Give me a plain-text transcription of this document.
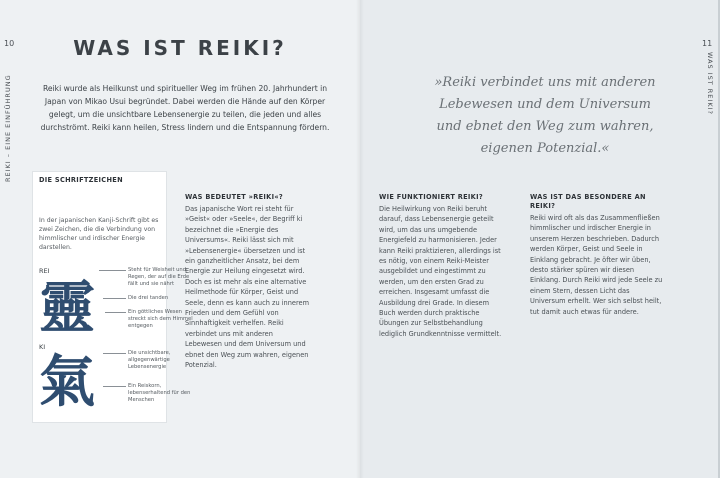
10
REIKI – EINE EINFÜHRUNG
11
WAS IST REIKI?
WAS IST REIKI?
Reiki wurde als Heilkunst und spiritueller Weg im frühen 20. Jahrhundert in Japan von Mikao Usui begründet. Dabei werden die Hände auf den Körper gelegt, um die unsichtbare Lebensenergie zu teilen, die jeden und alles durchströmt. Reiki kann heilen, Stress lindern und die Entspannung fördern.
»Reiki verbindet uns mit anderen Lebewesen und dem Universum und ebnet den Weg zum wahren, eigenen Potenzial.«
DIE SCHRIFTZEICHEN

In der japanischen Kanji-Schrift gibt es zwei Zeichen, die die Verbindung von himmlischer und irdischer Energie darstellen.

REI
靈
KI
氣
Steht für Weisheit und Regen, der auf die Erde fällt und sie nährt
Die drei tanden
Ein göttliches Wesen streckt sich dem Himmel entgegen
Die unsichtbare, allgegenwärtige Lebensenergie
Ein Reiskorn, lebenserhaltend für den Menschen
WAS BEDEUTET »REIKI«?

Das japanische Wort rei steht für »Geist« oder »Seele«, der Begriff ki bezeichnet die »Energie des Universums«. Reiki lässt sich mit »Lebensenergie« übersetzen und ist ein ganzheitlicher Ansatz, bei dem Energie zur Heilung eingesetzt wird. Doch es ist mehr als eine alternative Heilmethode für Körper, Geist und Seele, denn es kann auch zu innerem Frieden und dem Gefühl von Sinnhaftigkeit verhelfen. Reiki verbindet uns mit anderen Lebewesen und dem Universum und ebnet den Weg zum wahren, eigenen Potenzial.

WIE FUNKTIONIERT REIKI?

Die Heilwirkung von Reiki beruht darauf, dass Lebensenergie geteilt wird, um das uns umgebende Energiefeld zu harmonisieren. Jeder kann Reiki praktizieren, allerdings ist es nötig, von einem Reiki-Meister ausgebildet und eingestimmt zu werden, um den ersten Grad zu erreichen. Insgesamt umfasst die Ausbildung drei Grade. In diesem Buch werden durch praktische Übungen zur Selbstbehandlung lediglich Grundkenntnisse vermittelt.

WAS IST DAS BESONDERE AN REIKI?

Reiki wird oft als das Zusammenfließen himmlischer und irdischer Energie in unserem Herzen beschrieben. Dadurch werden Körper, Geist und Seele in Einklang gebracht. Je öfter wir üben, desto stärker spüren wir diesen Einklang. Durch Reiki wird jede Seele zu einem Stern, dessen Licht das Universum erhellt. Wer sich selbst heilt, tut damit auch etwas für andere.
